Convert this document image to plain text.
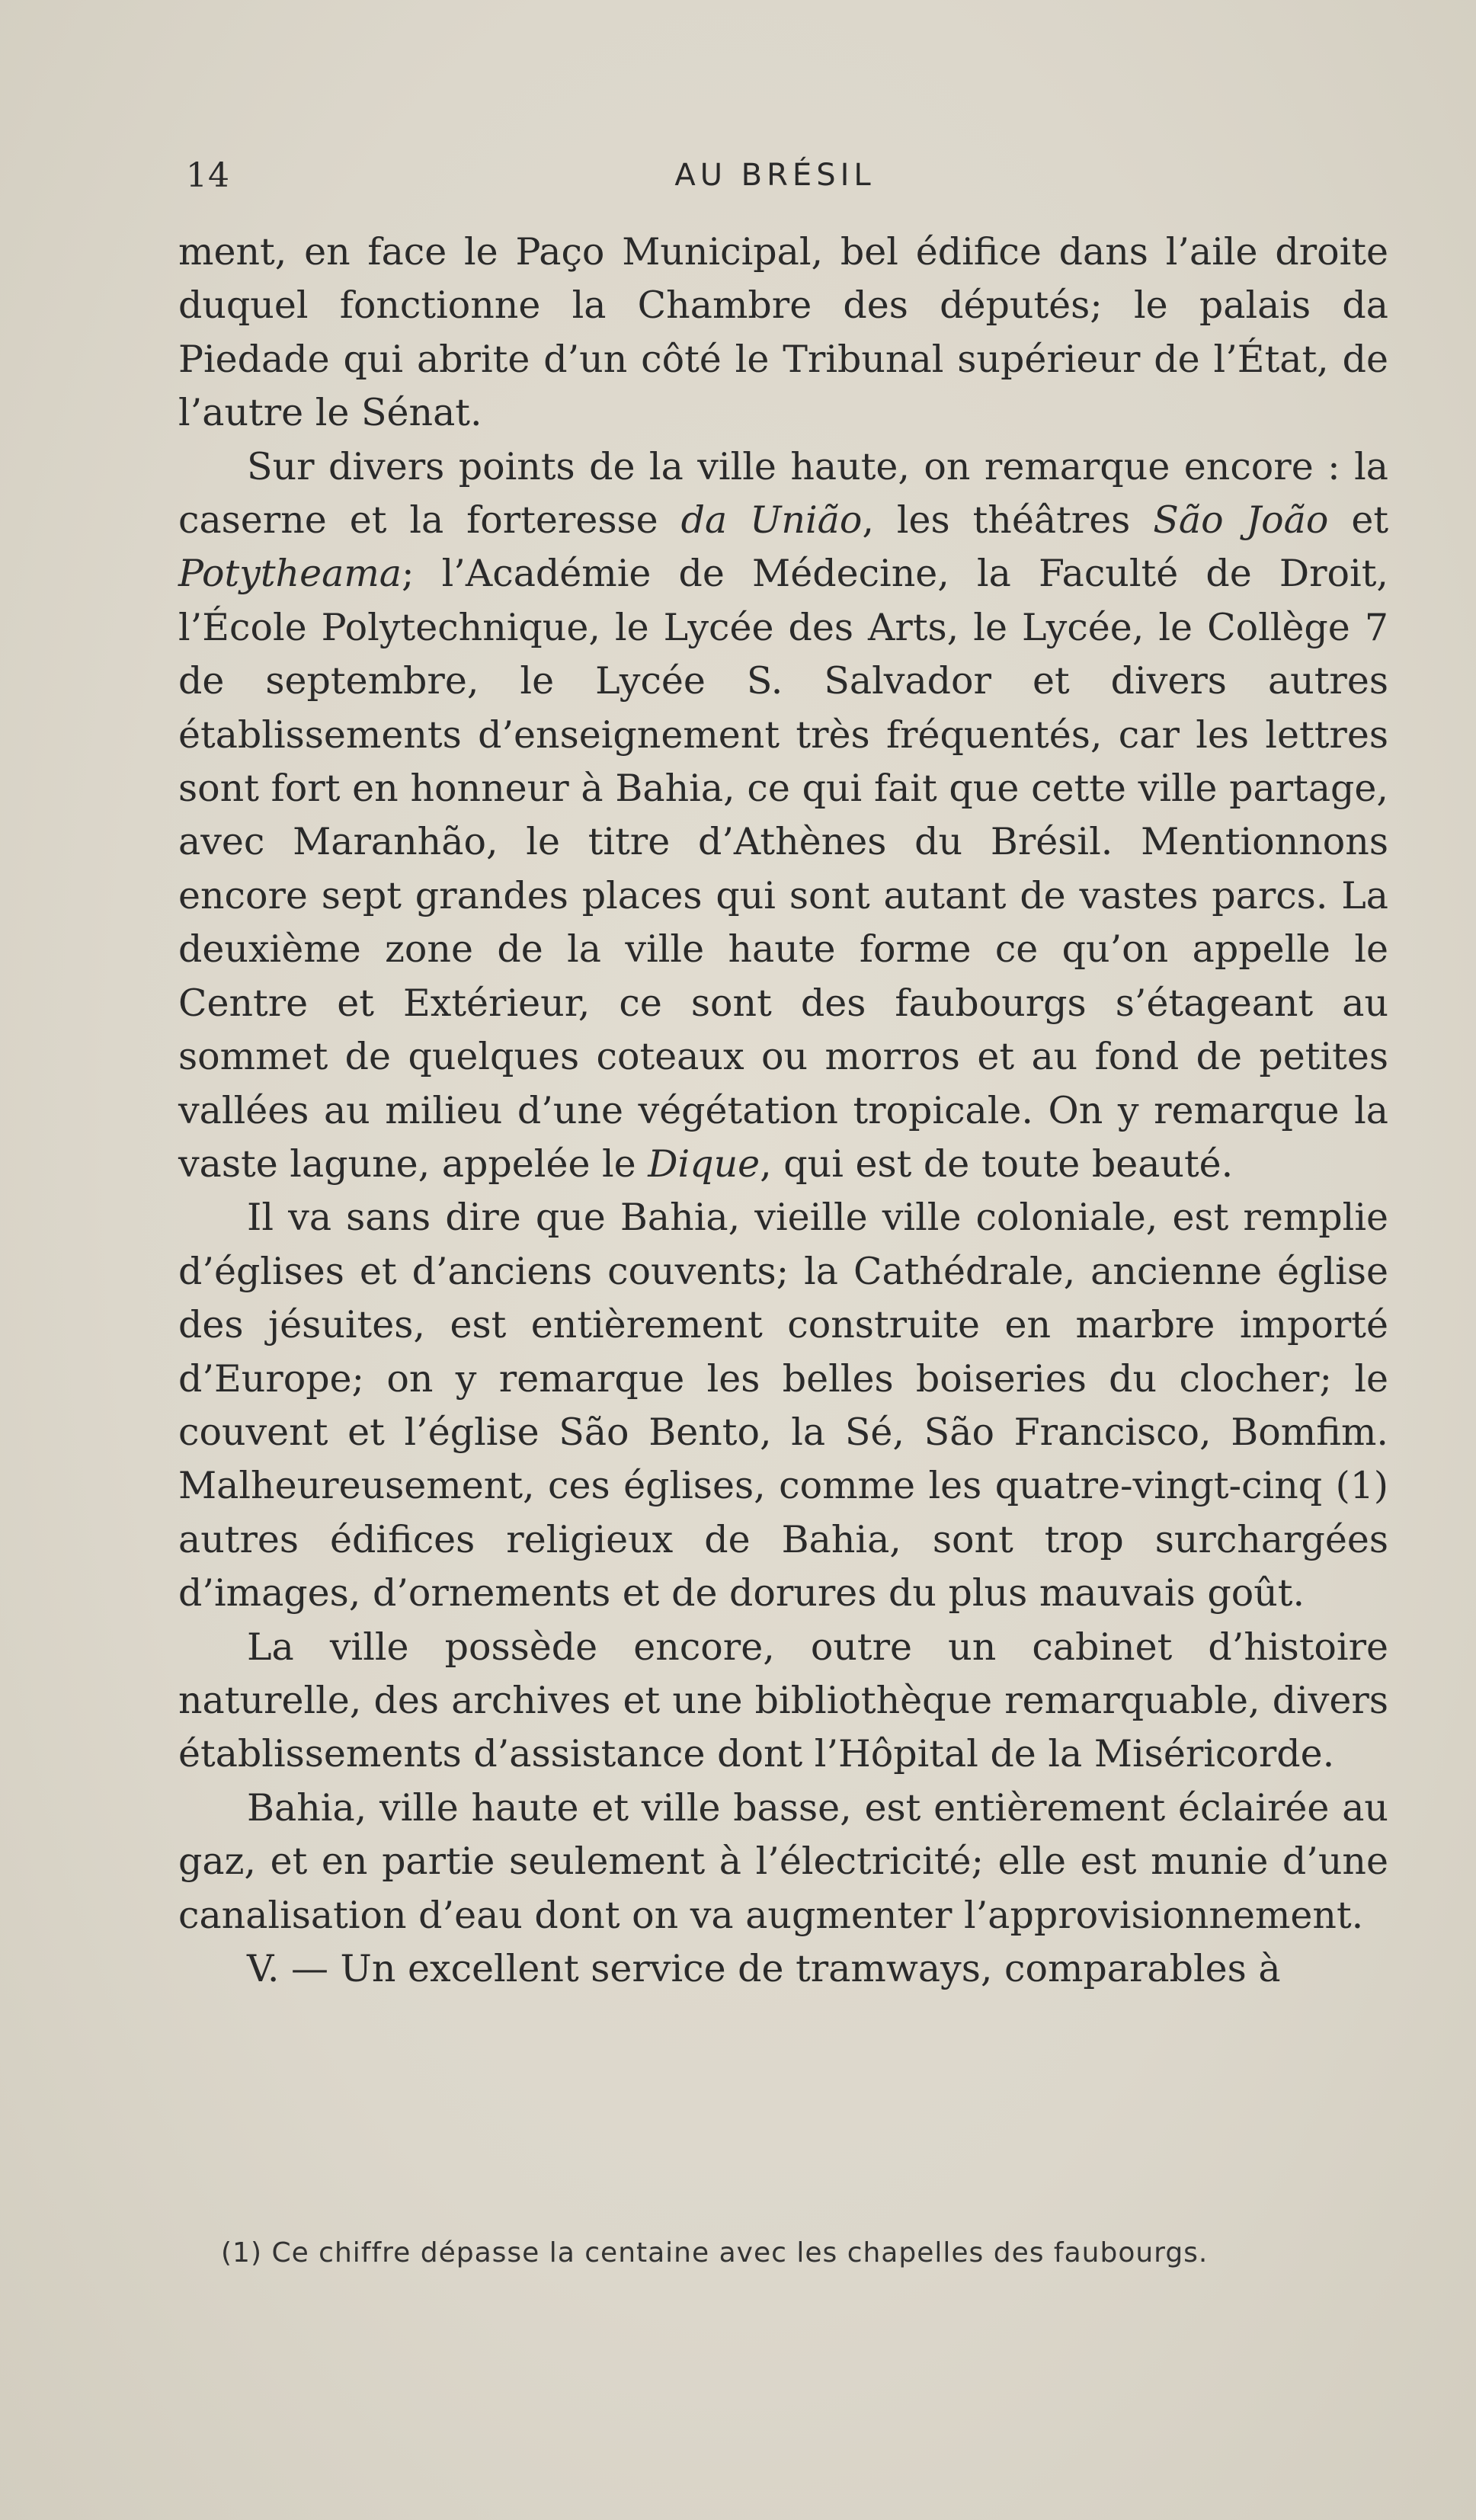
14	AU BRÉSIL

ment, en face le Paço Municipal, bel édifice dans l’aile droite duquel fonctionne la Chambre des députés; le palais da Piedade qui abrite d’un côté le Tribunal supérieur de l’État, de l’autre le Sénat.

Sur divers points de la ville haute, on remarque encore : la caserne et la forteresse da União, les théâtres São João et Potytheama; l’Académie de Médecine, la Faculté de Droit, l’École Polytechnique, le Lycée des Arts, le Lycée, le Collège 7 de septembre, le Lycée S. Salvador et divers autres établissements d’enseignement très fréquentés, car les lettres sont fort en honneur à Bahia, ce qui fait que cette ville partage, avec Maranhão, le titre d’Athènes du Brésil. Mentionnons encore sept grandes places qui sont autant de vastes parcs. La deuxième zone de la ville haute forme ce qu’on appelle le Centre et Extérieur, ce sont des faubourgs s’étageant au sommet de quelques coteaux ou morros et au fond de petites vallées au milieu d’une végétation tropicale. On y remarque la vaste lagune, appelée le Dique, qui est de toute beauté.

Il va sans dire que Bahia, vieille ville coloniale, est remplie d’églises et d’anciens couvents; la Cathédrale, ancienne église des jésuites, est entièrement construite en marbre importé d’Europe; on y remarque les belles boiseries du clocher; le couvent et l’église São Bento, la Sé, São Francisco, Bomfim. Malheureusement, ces églises, comme les quatre-vingt-cinq (1) autres édifices religieux de Bahia, sont trop surchargées d’images, d’ornements et de dorures du plus mauvais goût.

La ville possède encore, outre un cabinet d’histoire naturelle, des archives et une bibliothèque remarquable, divers établissements d’assistance dont l’Hôpital de la Miséricorde.

Bahia, ville haute et ville basse, est entièrement éclairée au gaz, et en partie seulement à l’électricité; elle est munie d’une canalisation d’eau dont on va augmenter l’approvisionnement.

V. — Un excellent service de tramways, comparables à

(1) Ce chiffre dépasse la centaine avec les chapelles des faubourgs.
